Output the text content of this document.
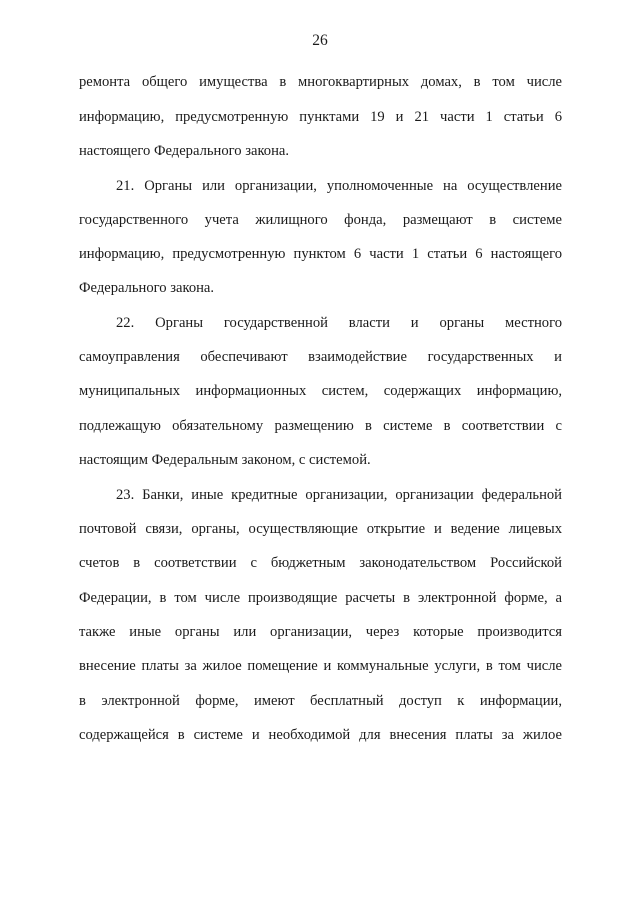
26
ремонта общего имущества в многоквартирных домах, в том числе
информацию, предусмотренную пунктами 19 и 21 части 1 статьи 6
настоящего Федерального закона.
21. Органы или организации, уполномоченные на осуществление
государственного учета жилищного фонда, размещают в системе
информацию, предусмотренную пунктом 6 части 1 статьи 6 настоящего
Федерального закона.
22. Органы государственной власти и органы местного
самоуправления обеспечивают взаимодействие государственных и
муниципальных информационных систем, содержащих информацию,
подлежащую обязательному размещению в системе в соответствии с
настоящим Федеральным законом, с системой.
23. Банки, иные кредитные организации, организации федеральной
почтовой связи, органы, осуществляющие открытие и ведение лицевых
счетов в соответствии с бюджетным законодательством Российской
Федерации, в том числе производящие расчеты в электронной форме, а
также иные органы или организации, через которые производится
внесение платы за жилое помещение и коммунальные услуги, в том числе
в электронной форме, имеют бесплатный доступ к информации,
содержащейся в системе и необходимой для внесения платы за жилое
